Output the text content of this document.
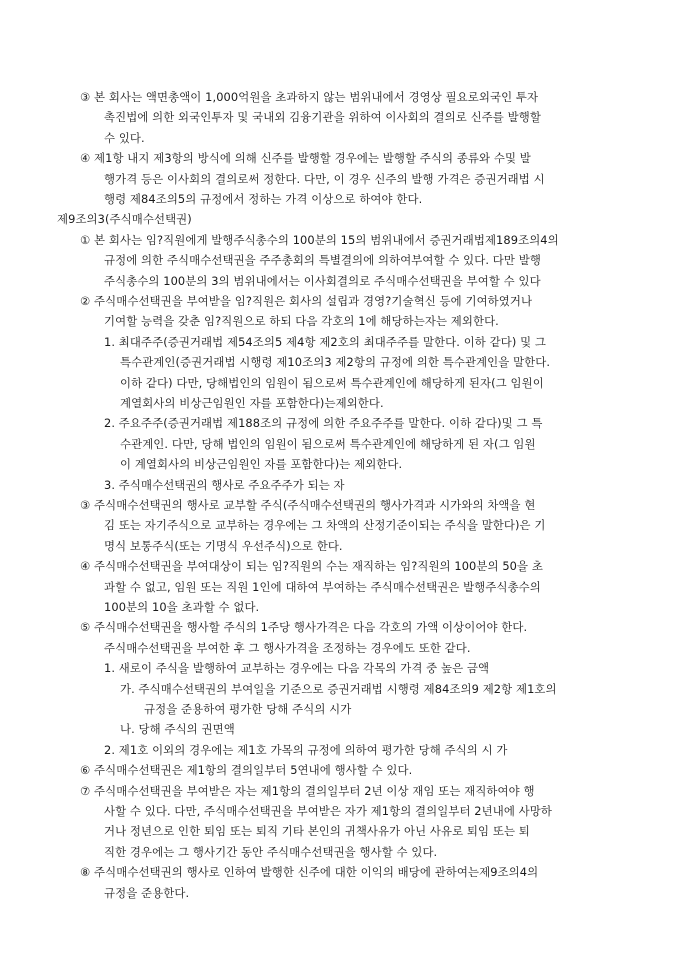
③ 본 회사는 액면총액이 1,000억원을 초과하지 않는 범위내에서 경영상 필요로외국인 투자
촉진법에 의한 외국인투자 및 국내외 김융기관을 위하여 이사회의 결의로 신주를 발행할
수 있다.
④ 제1항 내지 제3항의 방식에 의해 신주를 발행할 경우에는 발행할 주식의 종류와 수및 발
행가격 등은 이사회의 결의로써 정한다. 다만, 이 경우 신주의 발행 가격은 증권거래법 시
행령 제84조의5의 규정에서 정하는 가격 이상으로 하여야 한다.
제9조의3(주식매수선택권)
① 본 회사는 임?직원에게 발행주식총수의 100분의 15의 범위내에서 증권거래법제189조의4의
규정에 의한 주식매수선택권을 주주총회의 특별결의에 의하여부여할 수 있다. 다만 발행
주식총수의 100분의 3의 범위내에서는 이사회결의로 주식매수선택권을 부여할 수 있다
② 주식매수선택권을 부여받을 임?직원은 회사의 설립과 경영?기술혁신 등에 기여하였거나
기여할 능력을 갖춘 임?직원으로 하되 다음 각호의 1에 해당하는자는 제외한다.
1. 최대주주(증권거래법 제54조의5 제4항 제2호의 최대주주를 말한다. 이하 같다) 및 그
특수관계인(증권거래법 시행령 제10조의3 제2항의 규정에 의한 특수관계인을 말한다.
이하 같다) 다만, 당해법인의 임원이 됨으로써 특수관계인에 해당하게 된자(그 임원이
계열회사의 비상근임원인 자를 포함한다)는제외한다.
2. 주요주주(증권거래법 제188조의 규정에 의한 주요주주를 말한다. 이하 같다)및 그 특
수관계인. 다만, 당해 법인의 임원이 됨으로써 특수관계인에 해당하게 된 자(그 임원
이 계열회사의 비상근임원인 자를 포함한다)는 제외한다.
3. 주식매수선택권의 행사로 주요주주가 되는 자
③ 주식매수선택권의 행사로 교부할 주식(주식매수선택권의 행사가격과 시가와의 차액을 현
김 또는 자기주식으로 교부하는 경우에는 그 차액의 산정기준이되는 주식을 말한다)은 기
명식 보통주식(또는 기명식 우선주식)으로 한다.
④ 주식매수선택권을 부여대상이 되는 임?직원의 수는 재직하는 임?직원의 100분의 50을 초
과할 수 없고, 임원 또는 직원 1인에 대하여 부여하는 주식매수선택권은 발행주식총수의
100분의 10을 초과할 수 없다.
⑤ 주식매수선택권을 행사할 주식의 1주당 행사가격은 다음 각호의 가액 이상이어야 한다.
주식매수선택권을 부여한 후 그 행사가격을 조정하는 경우에도 또한 같다.
1. 새로이 주식을 발행하여 교부하는 경우에는 다음 각목의 가격 중 높은 금액
가. 주식매수선택권의 부여일을 기준으로 증권거래법 시행령 제84조의9 제2항 제1호의
규정을 준용하여 평가한 당해 주식의 시가
나. 당해 주식의 권면액
2. 제1호 이외의 경우에는 제1호 가목의 규정에 의하여 평가한 당해 주식의 시 가
⑥ 주식매수선택권은 제1항의 결의일부터 5연내에 행사할 수 있다.
⑦ 주식매수선택권을 부여받은 자는 제1항의 결의일부터 2년 이상 재임 또는 재직하여야 행
사할 수 있다. 다만, 주식매수선택권을 부여받은 자가 제1항의 결의일부터 2년내에 사망하
거나 정년으로 인한 퇴임 또는 퇴직 기타 본인의 귀책사유가 아닌 사유로 퇴임 또는 퇴
직한 경우에는 그 행사기간 동안 주식매수선택권을 행사할 수 있다.
⑧ 주식매수선택권의 행사로 인하여 발행한 신주에 대한 이익의 배당에 관하여는제9조의4의
규정을 준용한다.
